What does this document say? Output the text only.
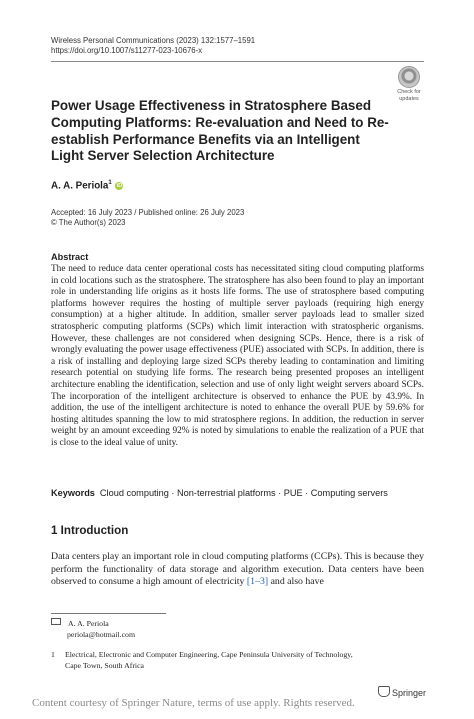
Wireless Personal Communications (2023) 132:1577–1591
https://doi.org/10.1007/s11277-023-10676-x
Check for
updates
Power Usage Effectiveness in Stratosphere Based Computing Platforms: Re-evaluation and Need to Re-establish Performance Benefits via an Intelligent Light Server Selection Architecture
A. A. Periola$^1$ iD
Accepted: 16 July 2023 / Published online: 26 July 2023
© The Author(s) 2023
Abstract

The need to reduce data center operational costs has necessitated siting cloud computing platforms in cold locations such as the stratosphere. The stratosphere has also been found to play an important role in understanding life origins as it hosts life forms. The use of stratosphere based computing platforms however requires the hosting of multiple server payloads (requiring high energy consumption) at a higher altitude. In addition, smaller server payloads lead to smaller sized stratospheric computing platforms (SCPs) which limit interaction with stratospheric organisms. However, these challenges are not considered when designing SCPs. Hence, there is a risk of wrongly evaluating the power usage effectiveness (PUE) associated with SCPs. In addition, there is a risk of installing and deploying large sized SCPs thereby leading to contamination and limiting research potential on studying life forms. The research being presented proposes an intelligent architecture enabling the identification, selection and use of only light weight servers aboard SCPs. The incorporation of the intelligent architecture is observed to enhance the PUE by 43.9%. In addition, the use of the intelligent architecture is noted to enhance the overall PUE by 59.6% for hosting altitudes spanning the low to mid stratosphere regions. In addition, the reduction in server weight by an amount exceeding 92% is noted by simulations to enable the realization of a PUE that is close to the ideal value of unity.

Keywords Cloud computing · Non-terrestrial platforms · PUE · Computing servers
1 Introduction

Data centers play an important role in cloud computing platforms (CCPs). This is because they perform the functionality of data storage and algorithm execution. Data centers have been observed to consume a high amount of electricity [1–3] and also have

A. A. Periola
periola@hotmail.com
1 Electrical, Electronic and Computer Engineering, Cape Peninsula University of Technology,
Cape Town, South Africa
Springer
Content courtesy of Springer Nature, terms of use apply. Rights reserved.
